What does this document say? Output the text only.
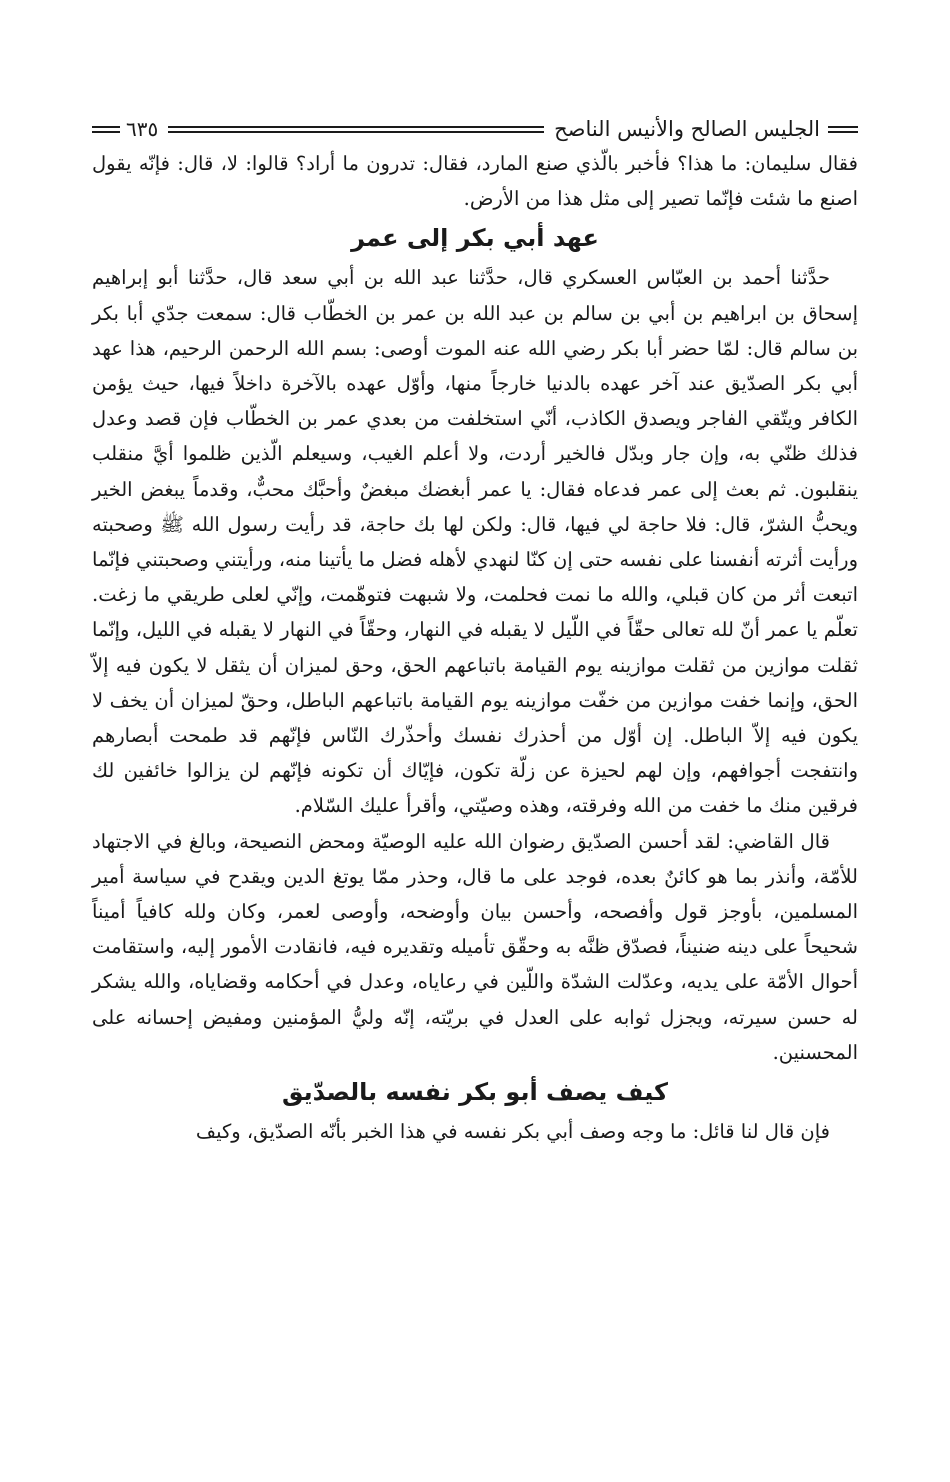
الجليس الصالح والأنيس الناصح
٦٣٥

فقال سليمان: ما هذا؟ فأخبر بالّذي صنع المارد، فقال: تدرون ما أراد؟ قالوا: لا، قال: فإنّه يقول اصنع ما شئت فإنّما تصير إلى مثل هذا من الأرض.

عهد أبي بكر إلى عمر

حدَّثنا أحمد بن العبّاس العسكري قال، حدَّثنا عبد الله بن أبي سعد قال، حدَّثنا أبو إبراهيم إسحاق بن ابراهيم بن أبي بن سالم بن عبد الله بن عمر بن الخطّاب قال: سمعت جدّي أبا بكر بن سالم قال: لمّا حضر أبا بكر رضي الله عنه الموت أوصى: بسم الله الرحمن الرحيم، هذا عهد أبي بكر الصدّيق عند آخر عهده بالدنيا خارجاً منها، وأوّل عهده بالآخرة داخلاً فيها، حيث يؤمن الكافر ويتّقي الفاجر ويصدق الكاذب، أنّي استخلفت من بعدي عمر بن الخطّاب فإن قصد وعدل فذلك ظنّي به، وإن جار وبدّل فالخير أردت، ولا أعلم الغيب، وسيعلم الّذين ظلموا أيَّ منقلب ينقلبون. ثم بعث إلى عمر فدعاه فقال: يا عمر أبغضك مبغضٌ وأحبَّك محبٌّ، وقدماً يبغض الخير ويحبُّ الشرّ، قال: فلا حاجة لي فيها، قال: ولكن لها بك حاجة، قد رأيت رسول الله ﷺ وصحبته ورأيت أثرته أنفسنا على نفسه حتى إن كنّا لنهدي لأهله فضل ما يأتينا منه، ورأيتني وصحبتني فإنّما اتبعت أثر من كان قبلي، والله ما نمت فحلمت، ولا شبهت فتوهّمت، وإنّي لعلى طريقي ما زغت. تعلّم يا عمر أنّ لله تعالى حقّاً في اللّيل لا يقبله في النهار، وحقّاً في النهار لا يقبله في الليل، وإنّما ثقلت موازين من ثقلت موازينه يوم القيامة باتباعهم الحق، وحق لميزان أن يثقل لا يكون فيه إلاّ الحق، وإنما خفت موازين من خفّت موازينه يوم القيامة باتباعهم الباطل، وحقّ لميزان أن يخف لا يكون فيه إلاّ الباطل. إن أوّل من أحذرك نفسك وأحذّرك النّاس فإنّهم قد طمحت أبصارهم وانتفجت أجوافهم، وإن لهم لحيزة عن زلّة تكون، فإيّاك أن تكونه فإنّهم لن يزالوا خائفين لك فرقين منك ما خفت من الله وفرقته، وهذه وصيّتي، وأقرأ عليك السّلام.

قال القاضي: لقد أحسن الصدّيق رضوان الله عليه الوصيّة ومحض النصيحة، وبالغ في الاجتهاد للأمّة، وأنذر بما هو كائنٌ بعده، فوجد على ما قال، وحذر ممّا يوتغ الدين ويقدح في سياسة أمير المسلمين، بأوجز قول وأفصحه، وأحسن بيان وأوضحه، وأوصى لعمر، وكان ولله كافياً أميناً شحيحاً على دينه ضنيناً، فصدّق ظنَّه به وحقّق تأميله وتقديره فيه، فانقادت الأمور إليه، واستقامت أحوال الأمّة على يديه، وعدّلت الشدّة واللّين في رعاياه، وعدل في أحكامه وقضاياه، والله يشكر له حسن سيرته، ويجزل ثوابه على العدل في بريّته، إنّه وليُّ المؤمنين ومفيض إحسانه على المحسنين.

كيف يصف أبو بكر نفسه بالصدّيق

فإن قال لنا قائل: ما وجه وصف أبي بكر نفسه في هذا الخبر بأنّه الصدّيق، وكيف
